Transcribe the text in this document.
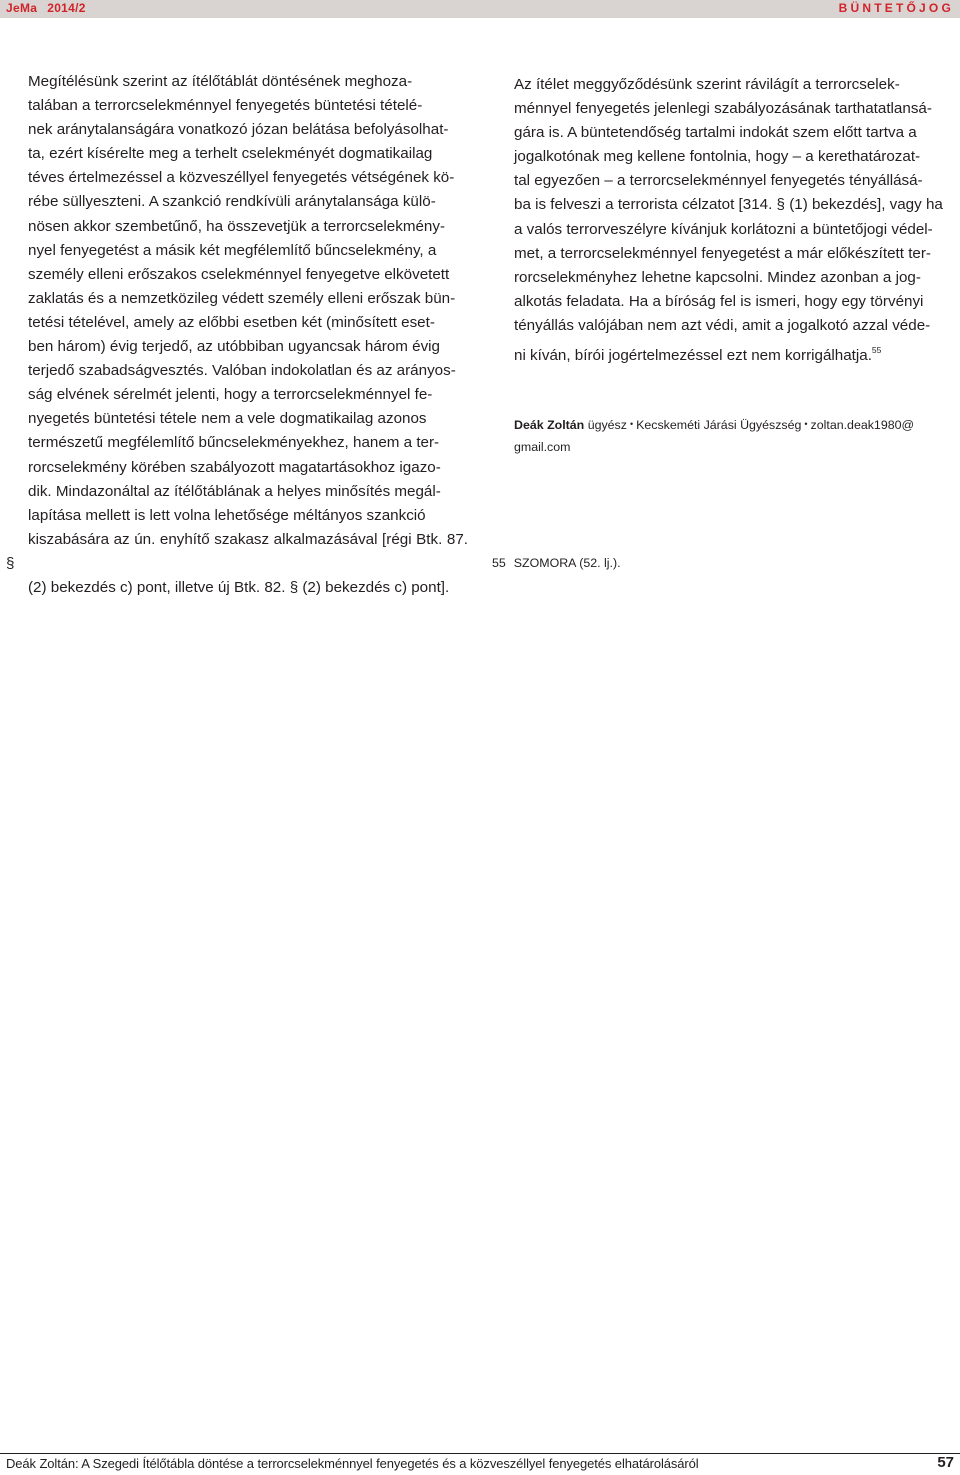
JeMa 2014/2	BÜNTETŐJOG
Megítélésünk szerint az ítélőtáblát döntésének meghoza-
talában a terrorcselekménnyel fenyegetés büntetési tételé-
nek aránytalanságára vonatkozó józan belátása befolyásolhat-
ta, ezért kísérelte meg a terhelt cselekményét dogmatikailag
téves értelmezéssel a közveszéllyel fenyegetés vétségének kö-
rébe süllyeszteni. A szankció rendkívüli aránytalansága külö-
nösen akkor szembetűnő, ha összevetjük a terrorcselekmény-
nyel fenyegetést a másik két megfélemlítő bűncselekmény, a
személy elleni erőszakos cselekménnyel fenyegetve elkövetett
zaklatás és a nemzetközileg védett személy elleni erőszak bün-
tetési tételével, amely az előbbi esetben két (minősített eset-
ben három) évig terjedő, az utóbbiban ugyancsak három évig
terjedő szabadságvesztés. Valóban indokolatlan és az arányos-
ság elvének sérelmét jelenti, hogy a terrorcselekménnyel fe-
nyegetés büntetési tétele nem a vele dogmatikailag azonos
természetű megfélemlítő bűncselekményekhez, hanem a ter-
rorcselekmény körében szabályozott magatartásokhoz igazo-
dik. Mindazonáltal az ítélőtáblának a helyes minősítés megál-
lapítása mellett is lett volna lehetősége méltányos szankció
kiszabására az ún. enyhítő szakasz alkalmazásával [régi Btk. 87. §
(2) bekezdés c) pont, illetve új Btk. 82. § (2) bekezdés c) pont].
Az ítélet meggyőződésünk szerint rávilágít a terrorcselek-
ménnyel fenyegetés jelenlegi szabályozásának tarthatatlansá-
gára is. A büntetendőség tartalmi indokát szem előtt tartva a
jogalkotónak meg kellene fontolnia, hogy – a kerethatározat-
tal egyezően – a terrorcselekménnyel fenyegetés tényállásá-
ba is felveszi a terrorista célzatot [314. § (1) bekezdés], vagy ha
a valós terrorveszélyre kívánjuk korlátozni a büntetőjogi védel-
met, a terrorcselekménnyel fenyegetést a már előkészített ter-
rorcselekményhez lehetne kapcsolni. Mindez azonban a jog-
alkotás feladata. Ha a bíróság fel is ismeri, hogy egy törvényi
tényállás valójában nem azt védi, amit a jogalkotó azzal véde-
ni kíván, bírói jogértelmezéssel ezt nem korrigálhatja.$^{55}$
Deák Zoltán ügyész • Kecskeméti Járási Ügyészség • zoltan.deak1980@
gmail.com
55 SZOMORA (52. lj.).
Deák Zoltán: A Szegedi Ítélőtábla döntése a terrorcselekménnyel fenyegetés és a közveszéllyel fenyegetés elhatárolásáról	57
